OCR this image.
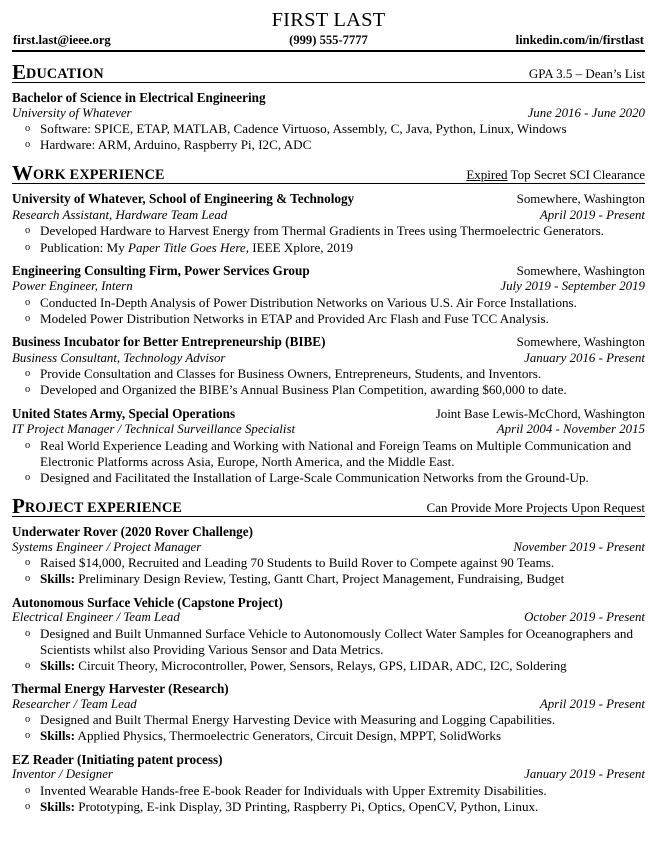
FIRST LAST
first.last@ieee.org	(999) 555-7777	linkedin.com/in/firstlast
EDUCATION	GPA 3.5 – Dean’s List
Bachelor of Science in Electrical Engineering
University of Whatever	June 2016 - June 2020
o Software: SPICE, ETAP, MATLAB, Cadence Virtuoso, Assembly, C, Java, Python, Linux, Windows
o Hardware: ARM, Arduino, Raspberry Pi, I2C, ADC
WORK EXPERIENCE	Expired Top Secret SCI Clearance
University of Whatever, School of Engineering & Technology	Somewhere, Washington
Research Assistant, Hardware Team Lead	April 2019 - Present
o Developed Hardware to Harvest Energy from Thermal Gradients in Trees using Thermoelectric Generators.
o Publication: My Paper Title Goes Here, IEEE Xplore, 2019
Engineering Consulting Firm, Power Services Group	Somewhere, Washington
Power Engineer, Intern	July 2019 - September 2019
o Conducted In-Depth Analysis of Power Distribution Networks on Various U.S. Air Force Installations.
o Modeled Power Distribution Networks in ETAP and Provided Arc Flash and Fuse TCC Analysis.
Business Incubator for Better Entrepreneurship (BIBE)	Somewhere, Washington
Business Consultant, Technology Advisor	January 2016 - Present
o Provide Consultation and Classes for Business Owners, Entrepreneurs, Students, and Inventors.
o Developed and Organized the BIBE’s Annual Business Plan Competition, awarding $60,000 to date.
United States Army, Special Operations	Joint Base Lewis-McChord, Washington
IT Project Manager / Technical Surveillance Specialist	April 2004 - November 2015
o Real World Experience Leading and Working with National and Foreign Teams on Multiple Communication and Electronic Platforms across Asia, Europe, North America, and the Middle East.
o Designed and Facilitated the Installation of Large-Scale Communication Networks from the Ground-Up.
PROJECT EXPERIENCE	Can Provide More Projects Upon Request
Underwater Rover (2020 Rover Challenge)
Systems Engineer / Project Manager	November 2019 - Present
o Raised $14,000, Recruited and Leading 70 Students to Build Rover to Compete against 90 Teams.
o Skills: Preliminary Design Review, Testing, Gantt Chart, Project Management, Fundraising, Budget
Autonomous Surface Vehicle (Capstone Project)
Electrical Engineer / Team Lead	October 2019 - Present
o Designed and Built Unmanned Surface Vehicle to Autonomously Collect Water Samples for Oceanographers and Scientists whilst also Providing Various Sensor and Data Metrics.
o Skills: Circuit Theory, Microcontroller, Power, Sensors, Relays, GPS, LIDAR, ADC, I2C, Soldering
Thermal Energy Harvester (Research)
Researcher / Team Lead	April 2019 - Present
o Designed and Built Thermal Energy Harvesting Device with Measuring and Logging Capabilities.
o Skills: Applied Physics, Thermoelectric Generators, Circuit Design, MPPT, SolidWorks
EZ Reader (Initiating patent process)
Inventor / Designer	January 2019 - Present
o Invented Wearable Hands-free E-book Reader for Individuals with Upper Extremity Disabilities.
o Skills: Prototyping, E-ink Display, 3D Printing, Raspberry Pi, Optics, OpenCV, Python, Linux.
